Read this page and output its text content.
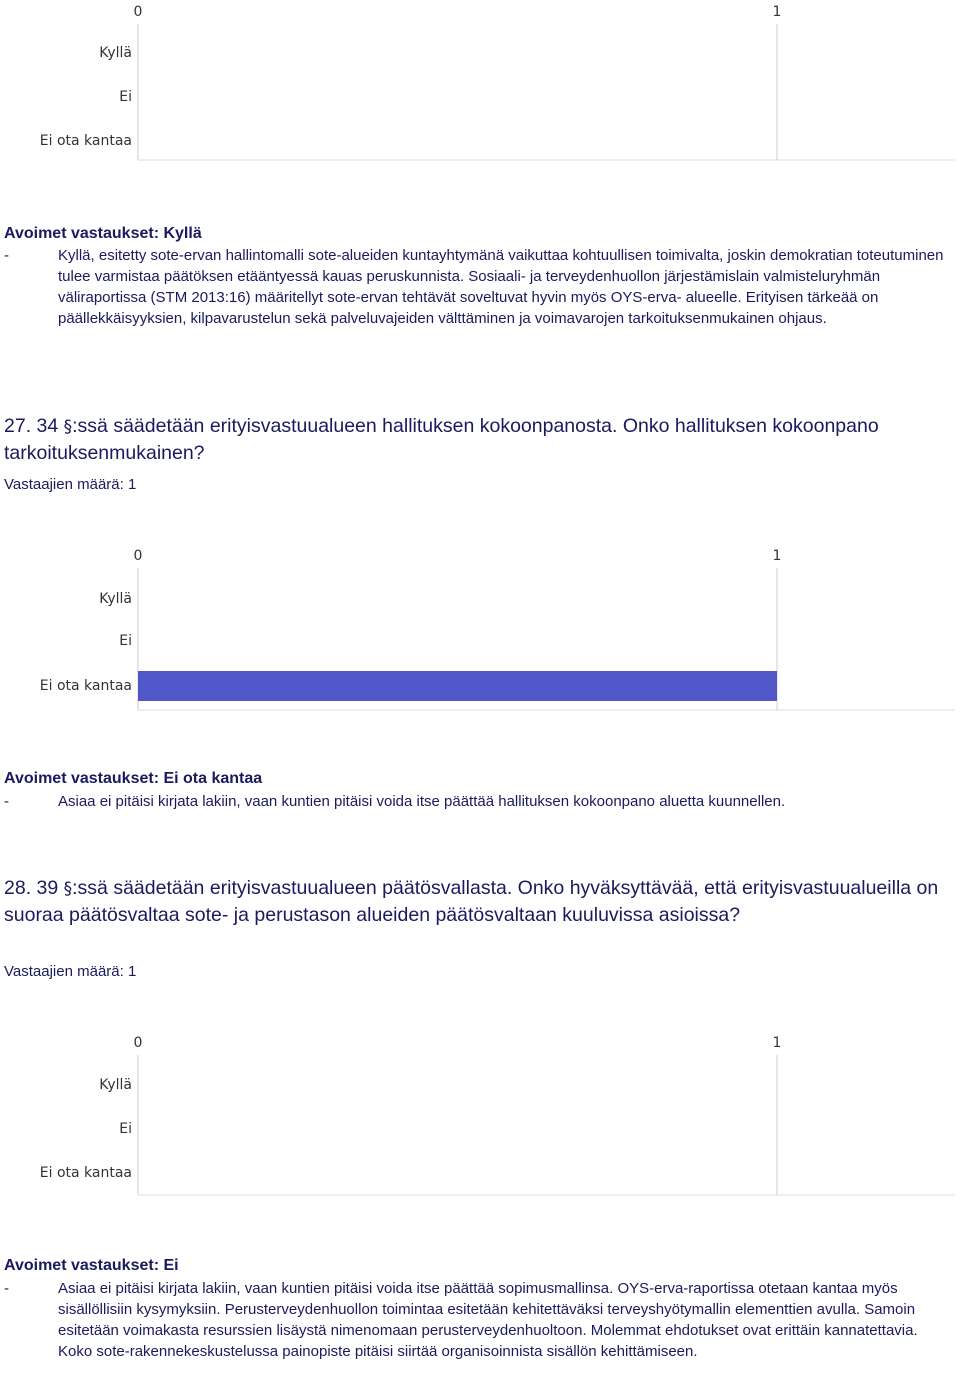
0	1
Kyllä
Ei
Ei ota kantaa
Avoimet vastaukset: Kyllä
-	Kyllä, esitetty sote-ervan hallintomalli sote-alueiden kuntayhtymänä vaikuttaa kohtuullisen toimivalta, joskin demokratian toteutuminen tulee varmistaa päätöksen etääntyessä kauas peruskunnista. Sosiaali- ja terveydenhuollon järjestämislain valmisteluryhmän väliraportissa (STM 2013:16) määritellyt sote-ervan tehtävät soveltuvat hyvin myös OYS-erva- alueelle. Erityisen tärkeää on päällekkäisyyksien, kilpavarustelun sekä palveluvajeiden välttäminen ja voimavarojen tarkoituksenmukainen ohjaus.
27. 34 §:ssä säädetään erityisvastuualueen hallituksen kokoonpanosta. Onko hallituksen kokoonpano tarkoituksenmukainen?
Vastaajien määrä: 1
0	1
Kyllä
Ei
Ei ota kantaa
Avoimet vastaukset: Ei ota kantaa
-	Asiaa ei pitäisi kirjata lakiin, vaan kuntien pitäisi voida itse päättää hallituksen kokoonpano aluetta kuunnellen.
28. 39 §:ssä säädetään erityisvastuualueen päätösvallasta. Onko hyväksyttävää, että erityisvastuualueilla on suoraa päätösvaltaa sote- ja perustason alueiden päätösvaltaan kuuluvissa asioissa?
Vastaajien määrä: 1
0	1
Kyllä
Ei
Ei ota kantaa
Avoimet vastaukset: Ei
-	Asiaa ei pitäisi kirjata lakiin, vaan kuntien pitäisi voida itse päättää sopimusmallinsa. OYS-erva-raportissa otetaan kantaa myös sisällöllisiin kysymyksiin. Perusterveydenhuollon toimintaa esitetään kehitettäväksi terveyshyötymallin elementtien avulla. Samoin esitetään voimakasta resurssien lisäystä nimenomaan perusterveydenhuoltoon. Molemmat ehdotukset ovat erittäin kannatettavia. Koko sote-rakennekeskustelussa painopiste pitäisi siirtää organisoinnista sisällön kehittämiseen.
